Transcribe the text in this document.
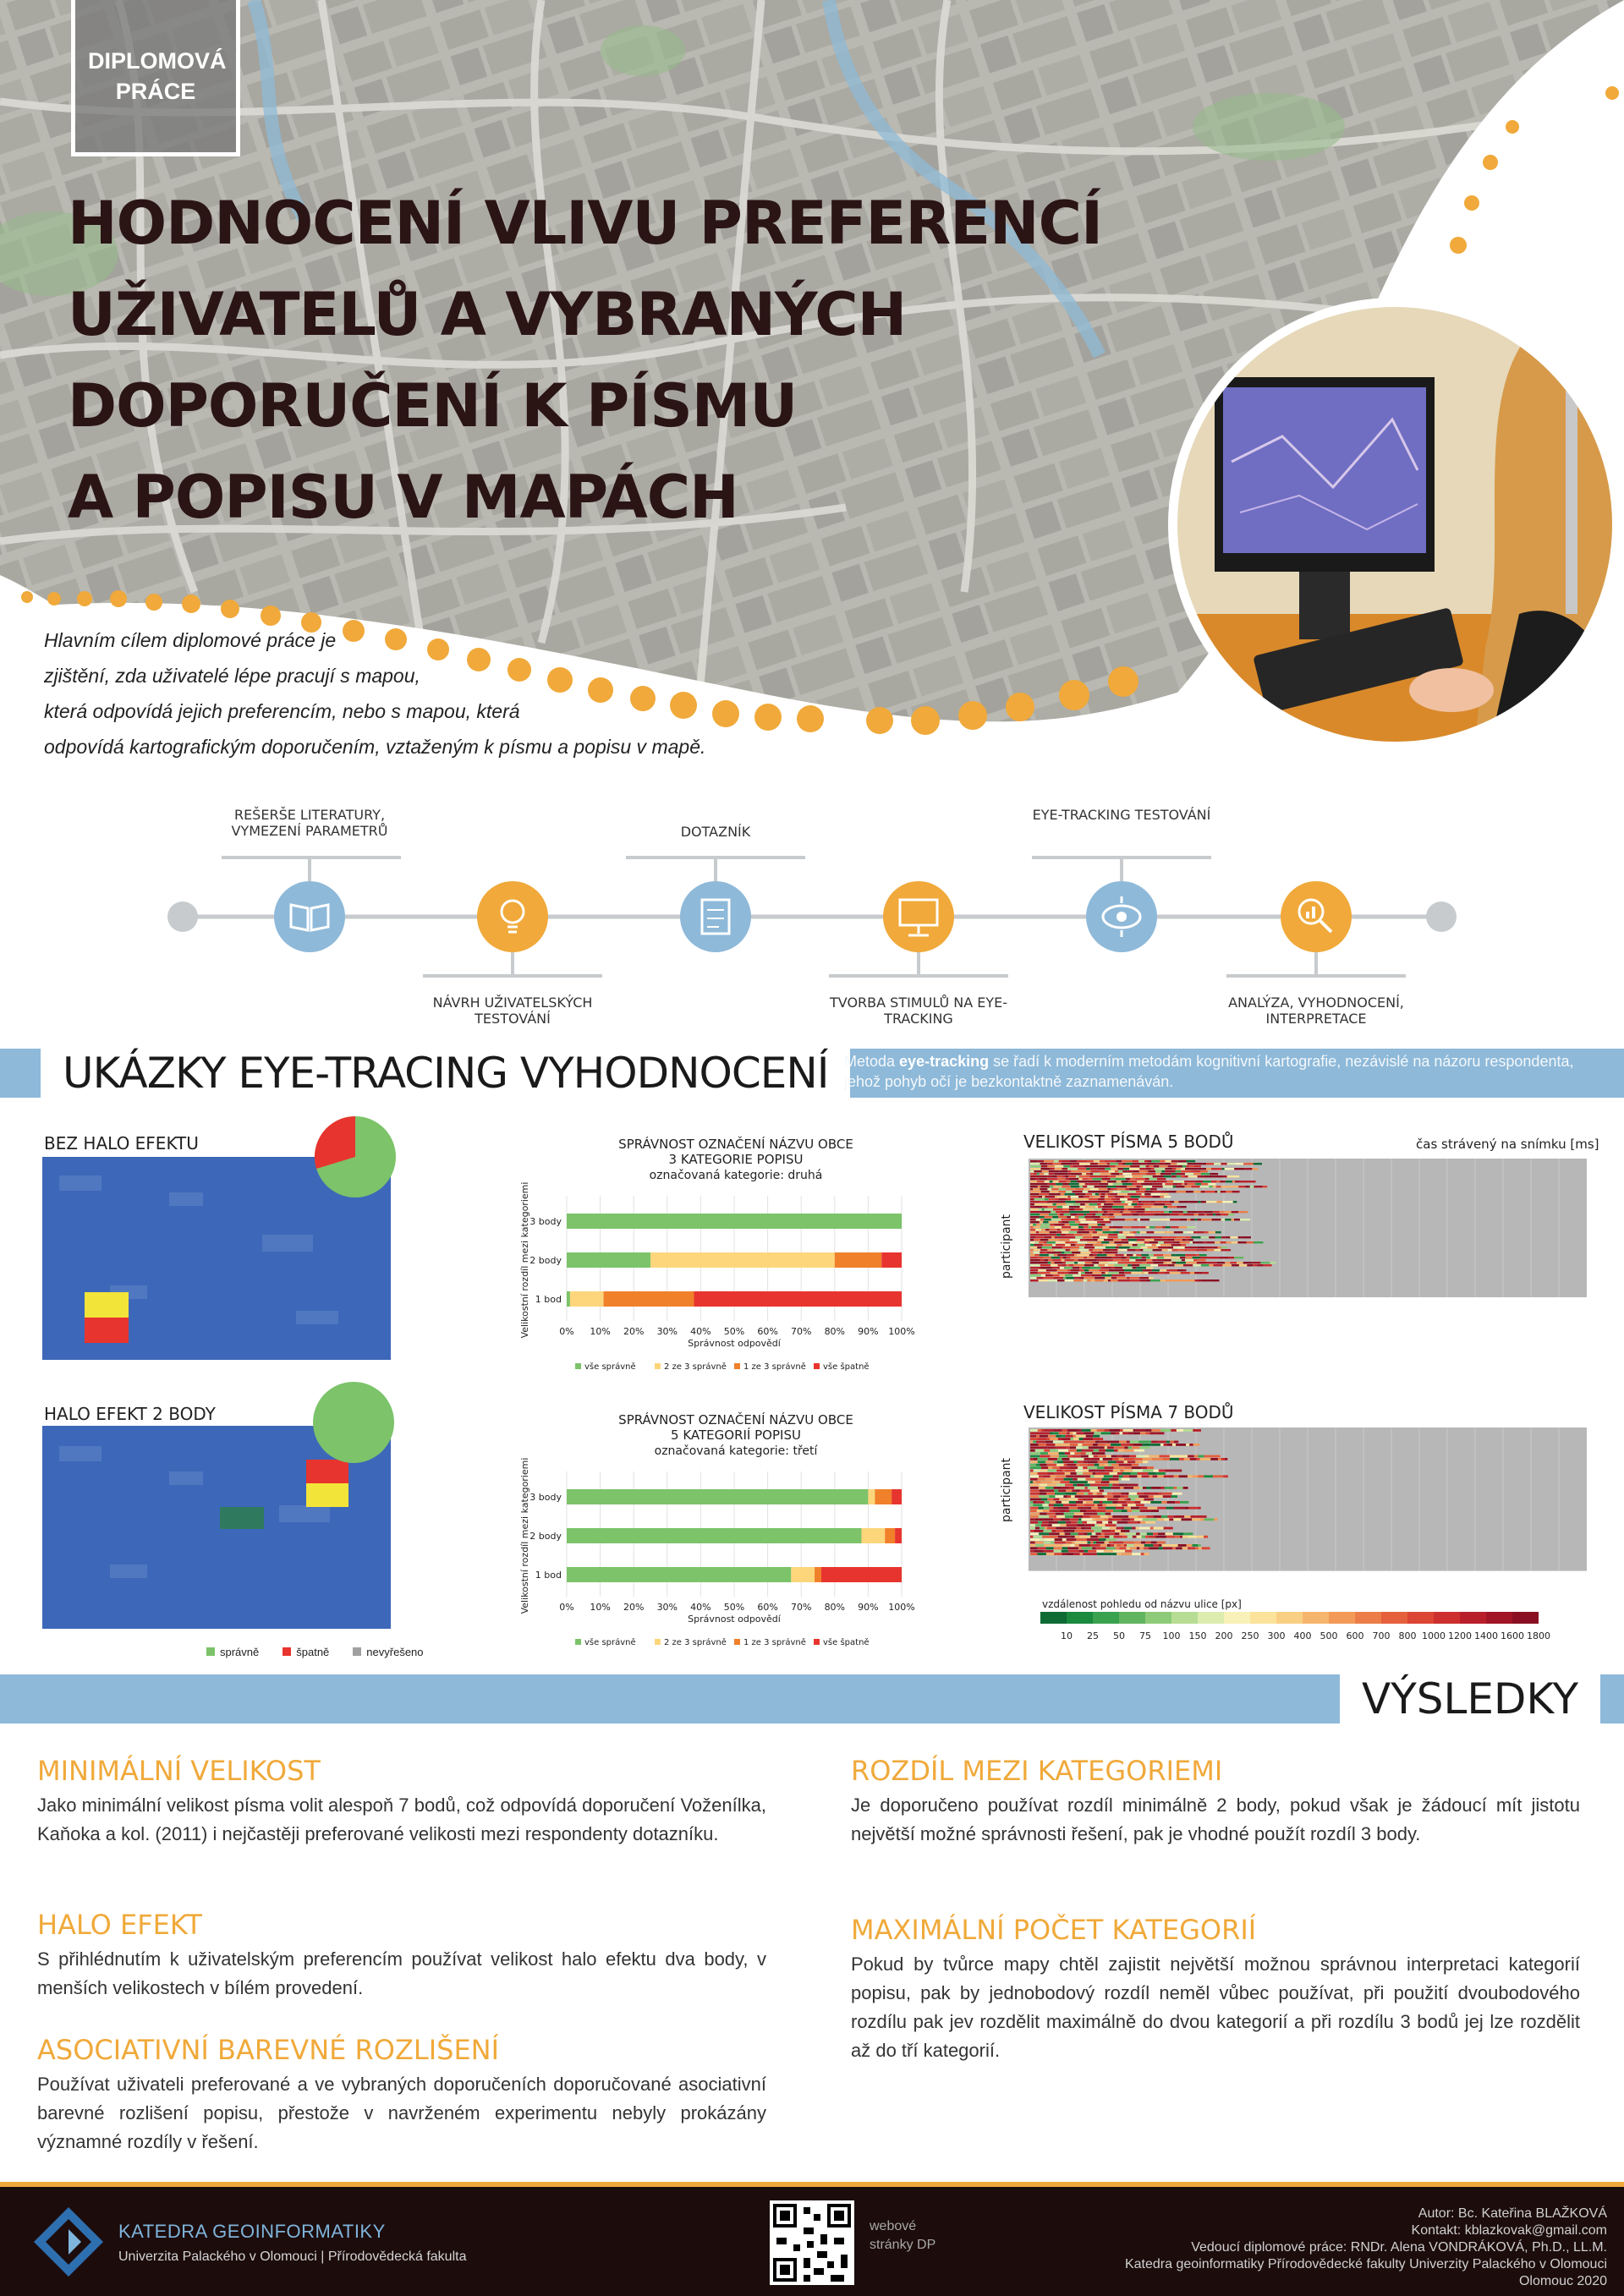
DIPLOMOVÁ PRÁCE
HODNOCENÍ VLIVU PREFERENCÍ
UŽIVATELŮ A VYBRANÝCH
DOPORUČENÍ K PÍSMU
A POPISU V MAPÁCH
Hlavním cílem diplomové práce je
zjištění, zda uživatelé lépe pracují s mapou,
která odpovídá jejich preferencím, nebo s mapou, která
odpovídá kartografickým doporučením, vztaženým k písmu a popisu v mapě.
REŠERŠE LITERATURY, VYMEZENÍ PARAMETRŮ
NÁVRH UŽIVATELSKÝCH TESTOVÁNÍ
DOTAZNÍK
TVORBA STIMULŮ NA EYE-TRACKING
EYE-TRACKING TESTOVÁNÍ
ANALÝZA, VYHODNOCENÍ, INTERPRETACE
UKÁZKY EYE-TRACING VYHODNOCENÍ	Metoda eye-tracking se řadí k moderním metodám kognitivní kartografie, nezávislé na názoru respondenta, jehož pohyb očí je bezkontaktně zaznamenáván.
BEZ HALO EFEKTU
HALO EFEKT 2 BODY
správně	špatně	nevyřešeno
SPRÁVNOST OZNAČENÍ NÁZVU OBCE
3 KATEGORIE POPISU
označovaná kategorie: druhá
Velikostní rozdíl mezi kategoriemi	0% 10% 20% 30% 40% 50% 60% 70% 80% 90% 100%
Správnost odpovědí
3 body
2 body
1 bod
vše správně	2 ze 3 správně 1 ze 3 správně vše špatně
SPRÁVNOST OZNAČENÍ NÁZVU OBCE
5 KATEGORIÍ POPISU
označovaná kategorie: třetí
Velikostní rozdíl mezi kategoriemi	0% 10% 20% 30% 40% 50% 60% 70% 80% 90% 100%
Správnost odpovědí
3 body
2 body
1 bod
vše správně	2 ze 3 správně 1 ze 3 správně vše špatně
VELIKOST PÍSMA 5 BODŮ	čas strávený na snímku [ms]
participant
VELIKOST PÍSMA 7 BODŮ
participant
vzdálenost pohledu od názvu ulice [px]
10 25 50 75 100 150 200 250 300 400 500 600 700 800 1000 1200 1400 1600 1800
VÝSLEDKY
MINIMÁLNÍ VELIKOST

Jako minimální velikost písma volit alespoň 7 bodů, což odpovídá doporučení Voženílka, Kaňoka a kol. (2011) i nejčastěji preferované velikosti mezi respondenty dotazníku.

HALO EFEKT

S přihlédnutím k uživatelským preferencím používat velikost halo efektu dva body, v menších velikostech v bílém provedení.

ASOCIATIVNÍ BAREVNÉ ROZLIŠENÍ

Používat uživateli preferované a ve vybraných doporučeních doporučované asociativní barevné rozlišení popisu, přestože v navrženém experimentu nebyly prokázány významné rozdíly v řešení.

ROZDÍL MEZI KATEGORIEMI

Je doporučeno používat rozdíl minimálně 2 body, pokud však je žádoucí mít jistotu největší možné správnosti řešení, pak je vhodné použít rozdíl 3 body.

MAXIMÁLNÍ POČET KATEGORIÍ

Pokud by tvůrce mapy chtěl zajistit největší možnou správnou interpretaci kategorií popisu, pak by jednobodový rozdíl neměl vůbec používat, při použití dvoubodového rozdílu pak jev rozdělit maximálně do dvou kategorií a při rozdílu 3 bodů jej lze rozdělit až do tří kategorií.

KATEDRA GEOINFORMATIKY
Univerzita Palackého v Olomouci | Přírodovědecká fakulta
webové stránky DP
Autor: Bc. Kateřina BLAŽKOVÁ
Kontakt: kblazkovak@gmail.com
Vedoucí diplomové práce: RNDr. Alena VONDRÁKOVÁ, Ph.D., LL.M.
Katedra geoinformatiky Přírodovědecké fakulty Univerzity Palackého v Olomouci
Olomouc 2020
